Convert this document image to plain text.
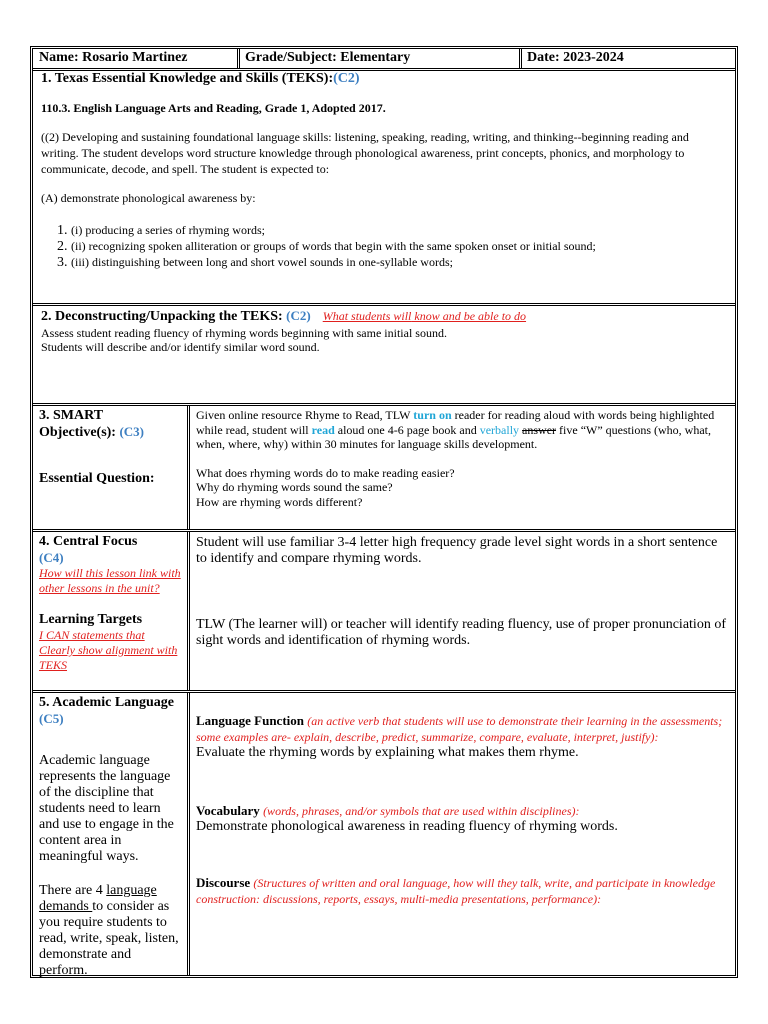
Name: Rosario Martinez	Grade/Subject: Elementary	Date: 2023-2024

1. Texas Essential Knowledge and Skills (TEKS):(C2)

110.3. English Language Arts and Reading, Grade 1, Adopted 2017.

((2) Developing and sustaining foundational language skills: listening, speaking, reading, writing, and thinking--beginning reading and writing. The student develops word structure knowledge through phonological awareness, print concepts, phonics, and morphology to communicate, decode, and spell. The student is expected to:

(A) demonstrate phonological awareness by:

1. (i) producing a series of rhyming words;
2. (ii) recognizing spoken alliteration or groups of words that begin with the same spoken onset or initial sound;
3. (iii) distinguishing between long and short vowel sounds in one-syllable words;

2. Deconstructing/Unpacking the TEKS: (C2) What students will know and be able to do

Assess student reading fluency of rhyming words beginning with same initial sound.

Students will describe and/or identify similar word sound.

3. SMART Objective(s): (C3)

Essential Question:

Given online resource Rhyme to Read, TLW turn on reader for reading aloud with words being highlighted while read, student will read aloud one 4-6 page book and verbally answer five “W” questions (who, what, when, where, why) within 30 minutes for language skills development.

What does rhyming words do to make reading easier?

Why do rhyming words sound the same?

How are rhyming words different?

4. Central Focus

(C4)

How will this lesson link with other lessons in the unit?

Learning Targets

I CAN statements that Clearly show alignment with TEKS

Student will use familiar 3-4 letter high frequency grade level sight words in a short sentence to identify and compare rhyming words.

TLW (The learner will) or teacher will identify reading fluency, use of proper pronunciation of sight words and identification of rhyming words.

5. Academic Language

(C5)

Academic language represents the language of the discipline that students need to learn and use to engage in the content area in meaningful ways.

There are 4 language demands to consider as you require students to read, write, speak, listen, demonstrate and perform.

Language Function (an active verb that students will use to demonstrate their learning in the assessments; some examples are- explain, describe, predict, summarize, compare, evaluate, interpret, justify):

Evaluate the rhyming words by explaining what makes them rhyme.

Vocabulary (words, phrases, and/or symbols that are used within disciplines):

Demonstrate phonological awareness in reading fluency of rhyming words.

Discourse (Structures of written and oral language, how will they talk, write, and participate in knowledge construction: discussions, reports, essays, multi-media presentations, performance):
